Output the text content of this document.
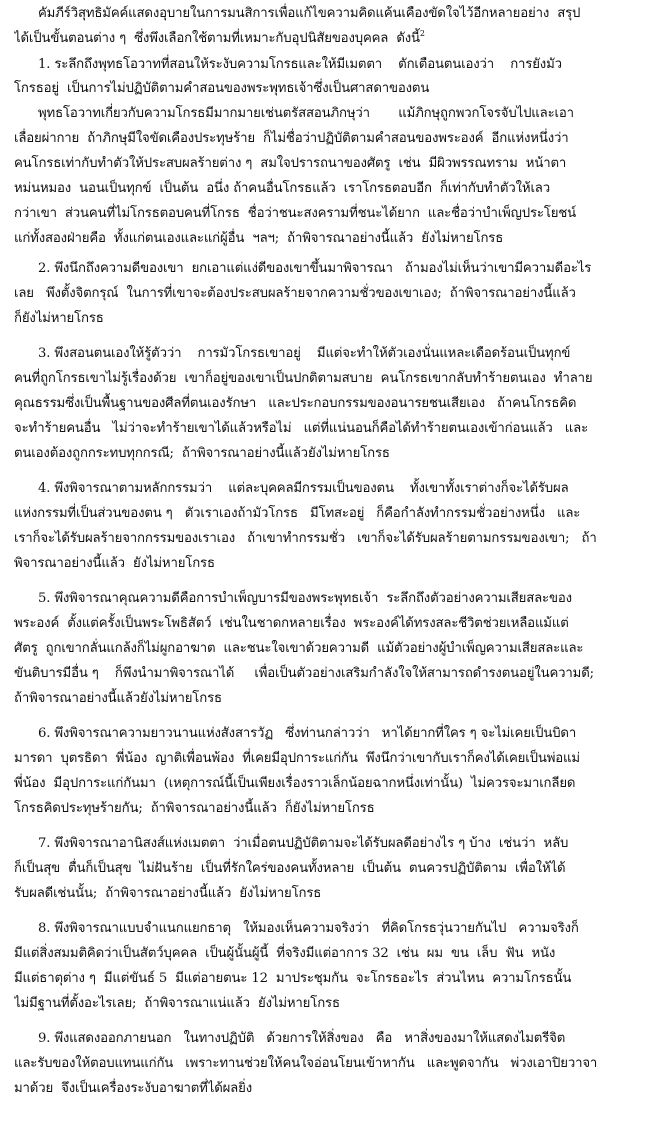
คัมภีร์วิสุทธิมัคค์แสดงอุบายในการมนสิการเพื่อแก้ไขความคิดแค้นเคืองขัดใจไว้อีกหลายอย่าง  สรุป
ได้เป็นขั้นตอนต่าง ๆ  ซึ่งพึงเลือกใช้ตามที่เหมาะกับอุปนิสัยของบุคคล  ดังนี้$^2$
1. ระลึกถึงพุทธโอวาทที่สอนให้ระงับความโกรธและให้มีเมตตา    ตักเตือนตนเองว่า    การยังมัว
โกรธอยู่  เป็นการไม่ปฏิบัติตามคำสอนของพระพุทธเจ้าซึ่งเป็นศาสดาของตน
พุทธโอวาทเกี่ยวกับความโกรธมีมากมายเช่นตรัสสอนภิกษุว่า       แม้ภิกษุถูกพวกโจรจับไปและเอา
เลื่อยผ่ากาย  ถ้าภิกษุมีใจขัดเคืองประทุษร้าย  ก็ไม่ชื่อว่าปฏิบัติตามคำสอนของพระองค์  อีกแห่งหนึ่งว่า
คนโกรธเท่ากับทำตัวให้ประสบผลร้ายต่าง ๆ  สมใจปรารถนาของศัตรู  เช่น  มีผิวพรรณทราม  หน้าตา
หม่นหมอง  นอนเป็นทุกข์  เป็นต้น  อนึ่ง ถ้าคนอื่นโกรธแล้ว  เราโกรธตอบอีก  ก็เท่ากับทำตัวให้เลว
กว่าเขา  ส่วนคนที่ไม่โกรธตอบคนที่โกรธ  ชื่อว่าชนะสงครามที่ชนะได้ยาก  และชื่อว่าบำเพ็ญประโยชน์
แก่ทั้งสองฝ่ายคือ  ทั้งแก่ตนเองและแก่ผู้อื่น  ฯลฯ;  ถ้าพิจารณาอย่างนี้แล้ว  ยังไม่หายโกรธ
2. พึงนึกถึงความดีของเขา  ยกเอาแต่แง่ดีของเขาขึ้นมาพิจารณา   ถ้ามองไม่เห็นว่าเขามีความดีอะไร
เลย   พึงตั้งจิตกรุณ์  ในการที่เขาจะต้องประสบผลร้ายจากความชั่วของเขาเอง;  ถ้าพิจารณาอย่างนี้แล้ว
ก็ยังไม่หายโกรธ
3. พึงสอนตนเองให้รู้ตัวว่า    การมัวโกรธเขาอยู่    มีแต่จะทำให้ตัวเองนั่นแหละเดือดร้อนเป็นทุกข์
คนที่ถูกโกรธเขาไม่รู้เรื่องด้วย  เขาก็อยู่ของเขาเป็นปกติตามสบาย  คนโกรธเขากลับทำร้ายตนเอง  ทำลาย
คุณธรรมซึ่งเป็นพื้นฐานของศีลที่ตนเองรักษา   และประกอบกรรมของอนารยชนเสียเอง   ถ้าคนโกรธคิด
จะทำร้ายคนอื่น   ไม่ว่าจะทำร้ายเขาได้แล้วหรือไม่   แต่ที่แน่นอนก็คือได้ทำร้ายตนเองเข้าก่อนแล้ว   และ
ตนเองต้องถูกกระทบทุกกรณี;  ถ้าพิจารณาอย่างนี้แล้วยังไม่หายโกรธ
4. พึงพิจารณาตามหลักกรรมว่า    แต่ละบุคคลมีกรรมเป็นของตน    ทั้งเขาทั้งเราต่างก็จะได้รับผล
แห่งกรรมที่เป็นส่วนของตน ๆ   ตัวเราเองถ้ามัวโกรธ   มีโทสะอยู่   ก็คือกำลังทำกรรมชั่วอย่างหนึ่ง   และ
เราก็จะได้รับผลร้ายจากกรรมของเราเอง   ถ้าเขาทำกรรมชั่ว   เขาก็จะได้รับผลร้ายตามกรรมของเขา;   ถ้า
พิจารณาอย่างนี้แล้ว  ยังไม่หายโกรธ
5. พึงพิจารณาคุณความดีคือการบำเพ็ญบารมีของพระพุทธเจ้า  ระลึกถึงตัวอย่างความเสียสละของ
พระองค์  ตั้งแต่ครั้งเป็นพระโพธิสัตว์  เช่นในชาดกหลายเรื่อง  พระองค์ได้ทรงสละชีวิตช่วยเหลือแม้แต่
ศัตรู  ถูกเขากลั่นแกล้งก็ไม่ผูกอาฆาต  และชนะใจเขาด้วยความดี  แม้ตัวอย่างผู้บำเพ็ญความเสียสละและ
ขันติบารมีอื่น ๆ    ก็พึงนำมาพิจารณาได้     เพื่อเป็นตัวอย่างเสริมกำลังใจให้สามารถดำรงตนอยู่ในความดี;
ถ้าพิจารณาอย่างนี้แล้วยังไม่หายโกรธ
6. พึงพิจารณาความยาวนานแห่งสังสารวัฏ   ซึ่งท่านกล่าวว่า   หาได้ยากที่ใคร ๆ จะไม่เคยเป็นบิดา
มารดา  บุตรธิดา  พี่น้อง  ญาติเพื่อนพ้อง  ที่เคยมีอุปการะแก่กัน  พึงนึกว่าเขากับเราก็คงได้เคยเป็นพ่อแม่
พี่น้อง  มีอุปการะแก่กันมา  (เหตุการณ์นี้เป็นเพียงเรื่องราวเล็กน้อยฉากหนึ่งเท่านั้น)  ไม่ควรจะมาเกลียด
โกรธคิดประทุษร้ายกัน;  ถ้าพิจารณาอย่างนี้แล้ว  ก็ยังไม่หายโกรธ
7. พึงพิจารณาอานิสงส์แห่งเมตตา  ว่าเมื่อตนปฏิบัติตามจะได้รับผลดีอย่างไร ๆ บ้าง  เช่นว่า  หลับ
ก็เป็นสุข  ตื่นก็เป็นสุข  ไม่ฝันร้าย  เป็นที่รักใคร่ของคนทั้งหลาย  เป็นต้น  ตนควรปฏิบัติตาม  เพื่อให้ได้
รับผลดีเช่นนั้น;  ถ้าพิจารณาอย่างนี้แล้ว  ยังไม่หายโกรธ
8. พึงพิจารณาแบบจำแนกแยกธาตุ   ให้มองเห็นความจริงว่า   ที่คิดโกรธวุ่นวายกันไป   ความจริงก็
มีแต่สิ่งสมมติคิดว่าเป็นสัตว์บุคคล  เป็นผู้นั้นผู้นี้  ที่จริงมีแต่อาการ 32  เช่น  ผม  ขน  เล็บ  ฟัน  หนัง
มีแต่ธาตุต่าง ๆ  มีแต่ขันธ์ 5  มีแต่อายตนะ 12  มาประชุมกัน  จะโกรธอะไร  ส่วนไหน  ความโกรธนั้น
ไม่มีฐานที่ตั้งอะไรเลย;  ถ้าพิจารณาแน่แล้ว  ยังไม่หายโกรธ
9. พึงแสดงออกภายนอก   ในทางปฏิบัติ   ด้วยการให้สิ่งของ   คือ   หาสิ่งของมาให้แสดงไมตรีจิต
และรับของให้ตอบแทนแก่กัน   เพราะทานช่วยให้คนใจอ่อนโยนเข้าหากัน   และพูดจากัน   พ่วงเอาปิยวาจา
มาด้วย  จึงเป็นเครื่องระงับอาฆาตที่ได้ผลยิ่ง
